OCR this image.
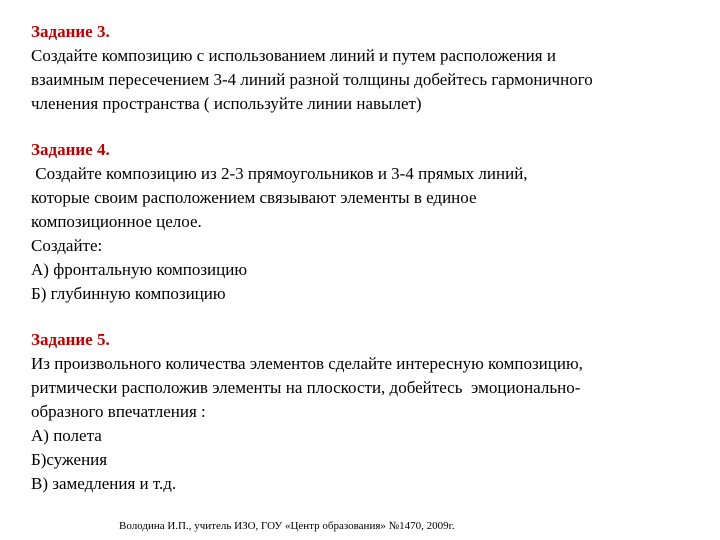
Задание 3.
Создайте композицию с использованием линий и путем расположения и
взаимным пересечением 3-4 линий разной толщины добейтесь гармоничного
членения пространства ( используйте линии навылет)
Задание 4.
Создайте композицию из 2-3 прямоугольников и 3-4 прямых линий,
которые своим расположением связывают элементы в единое
композиционное целое.
Создайте:
А) фронтальную композицию
Б) глубинную композицию
Задание 5.
Из произвольного количества элементов сделайте интересную композицию,
ритмически расположив элементы на плоскости, добейтесь  эмоционально-
образного впечатления :
А) полета
Б)сужения
В) замедления и т.д.
Володина И.П., учитель ИЗО, ГОУ «Центр образования» №1470, 2009г.
